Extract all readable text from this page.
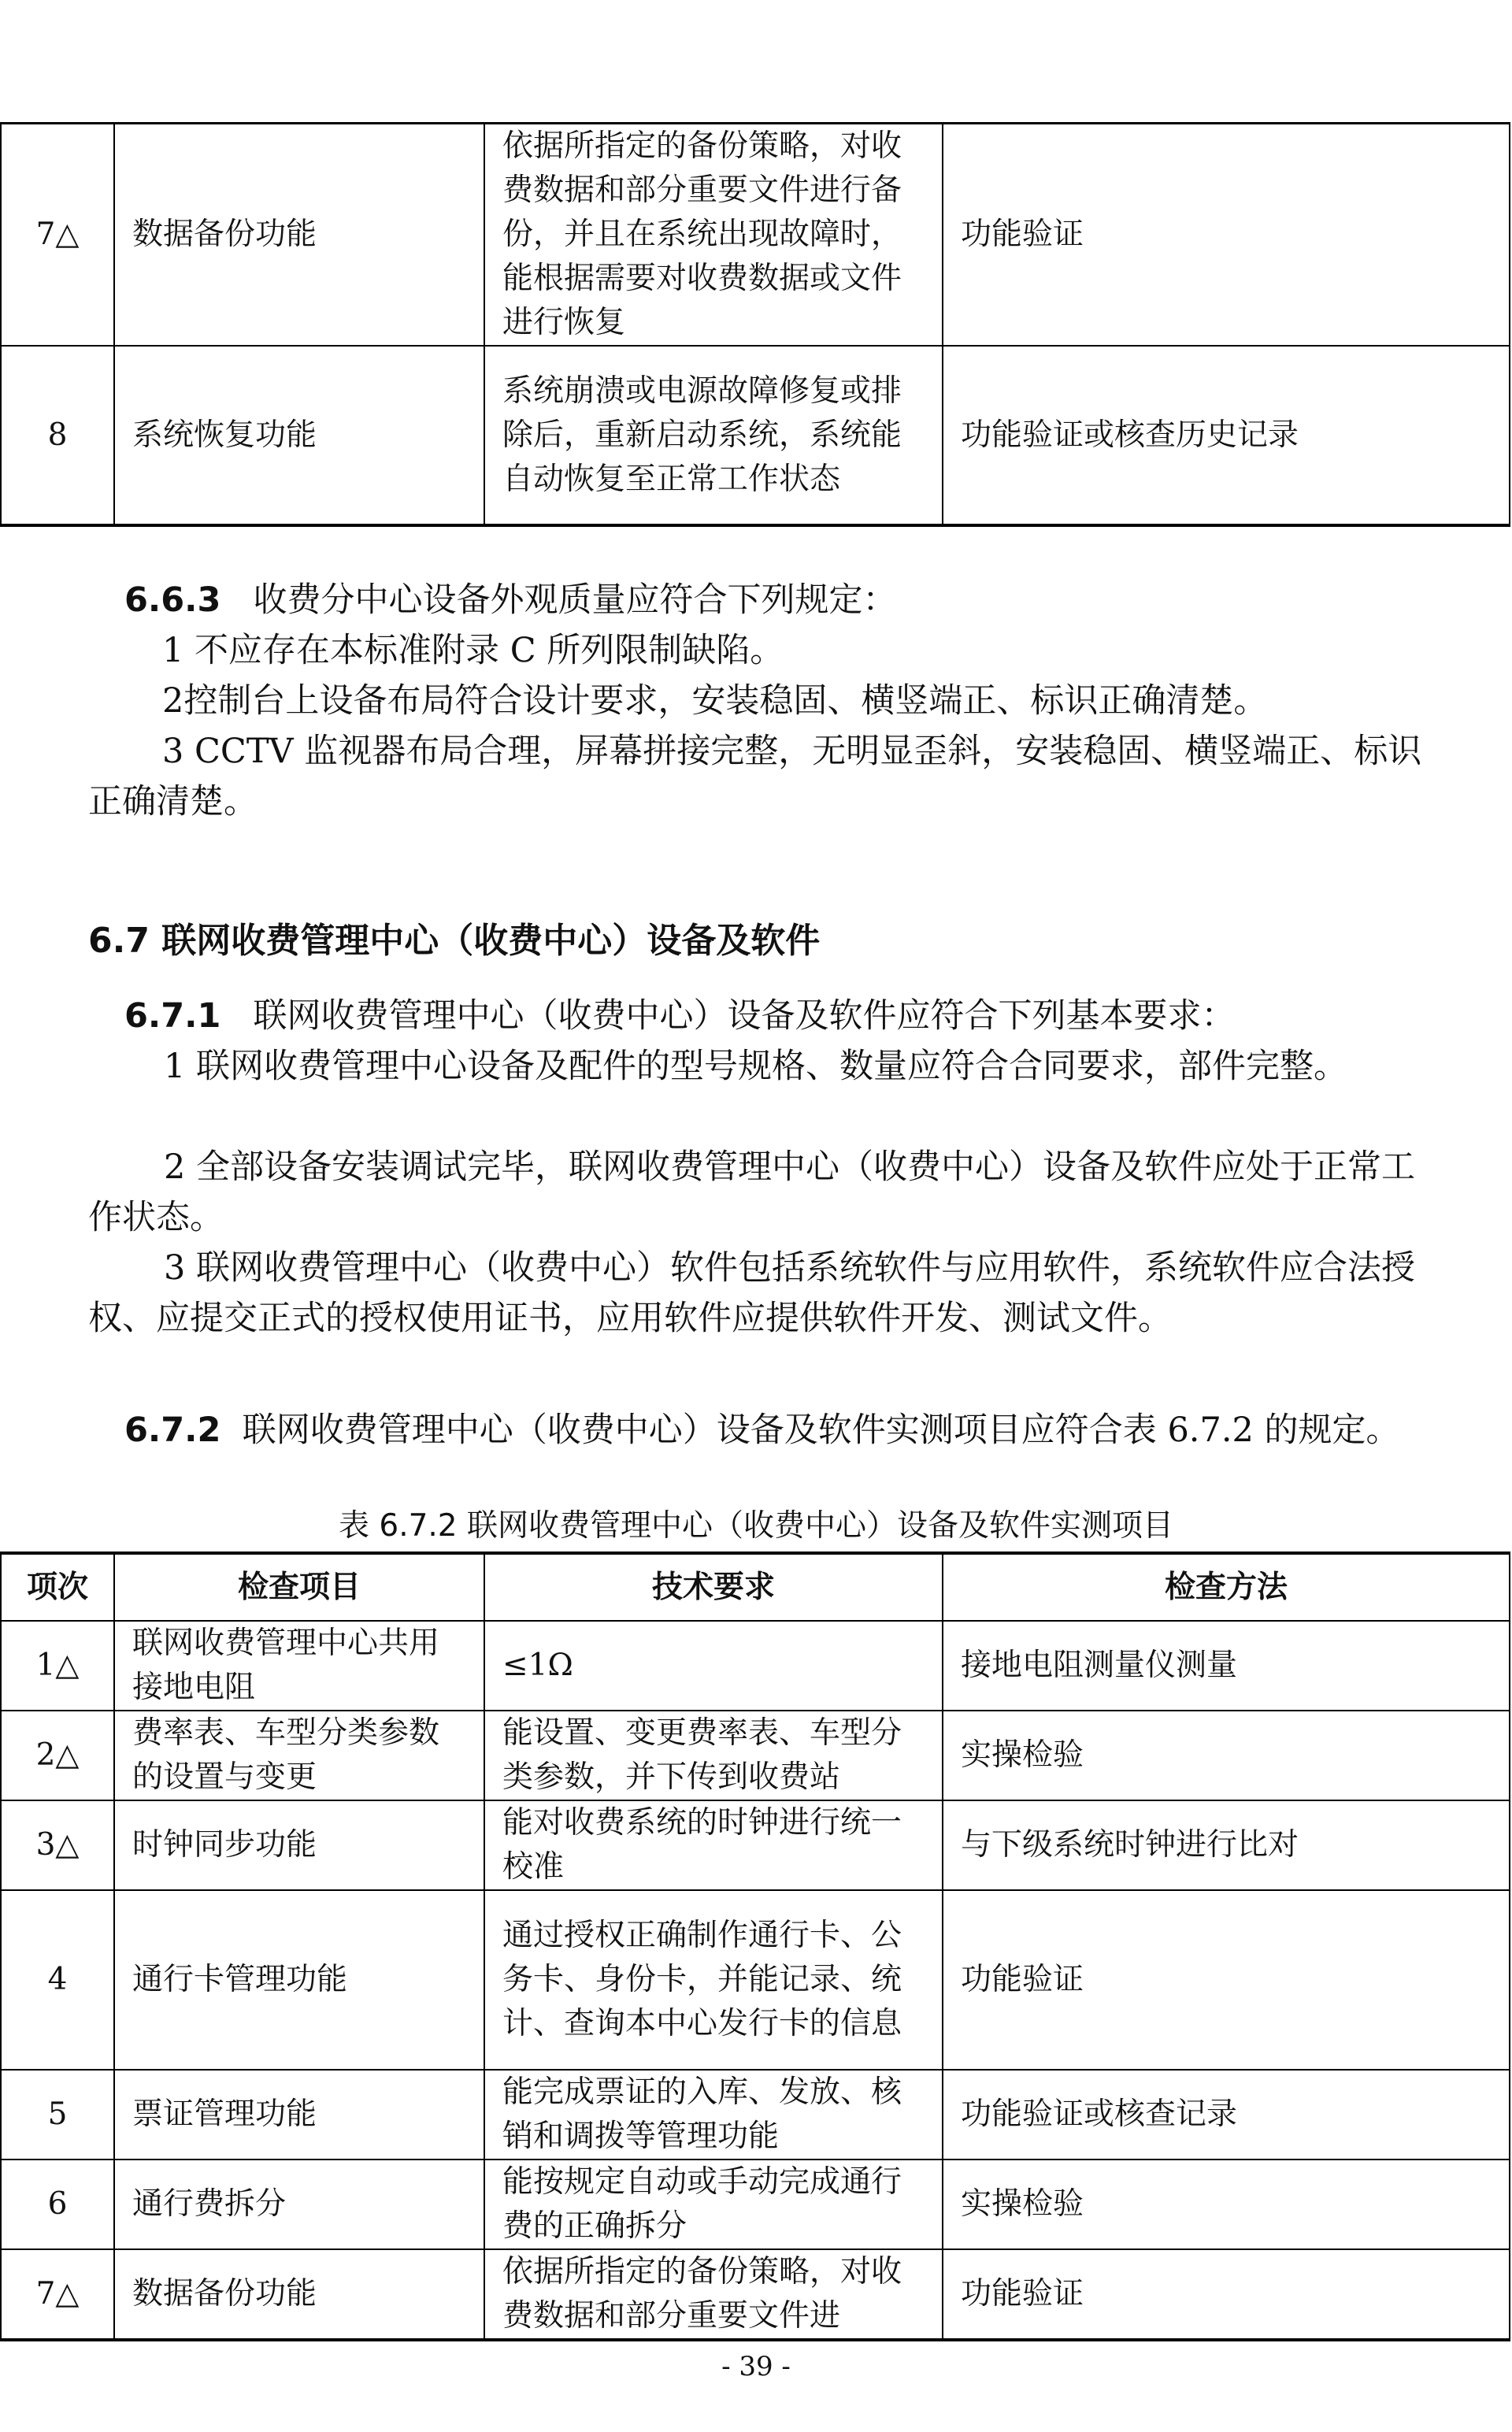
7△	数据备份功能	依据所指定的备份策略，对收费数据和部分重要文件进行备份，并且在系统出现故障时，能根据需要对收费数据或文件进行恢复	功能验证
8	系统恢复功能	系统崩溃或电源故障修复或排除后，重新启动系统，系统能自动恢复至正常工作状态	功能验证或核查历史记录

6.6.3 收费分中心设备外观质量应符合下列规定：

1 不应存在本标准附录 C 所列限制缺陷。

2控制台上设备布局符合设计要求，安装稳固、横竖端正、标识正确清楚。

3 CCTV 监视器布局合理，屏幕拼接完整，无明显歪斜，安装稳固、横竖端正、标识正确清楚。

6.7 联网收费管理中心（收费中心）设备及软件

6.7.1 联网收费管理中心（收费中心）设备及软件应符合下列基本要求：

1 联网收费管理中心设备及配件的型号规格、数量应符合合同要求，部件完整。

2 全部设备安装调试完毕，联网收费管理中心（收费中心）设备及软件应处于正常工作状态。

3 联网收费管理中心（收费中心）软件包括系统软件与应用软件，系统软件应合法授权、应提交正式的授权使用证书，应用软件应提供软件开发、测试文件。

6.7.2 联网收费管理中心（收费中心）设备及软件实测项目应符合表 6.7.2 的规定。

表 6.7.2 联网收费管理中心（收费中心）设备及软件实测项目

项次	检查项目	技术要求	检查方法
1△	联网收费管理中心共用接地电阻	≤1Ω	接地电阻测量仪测量
2△	费率表、车型分类参数的设置与变更	能设置、变更费率表、车型分类参数，并下传到收费站	实操检验
3△	时钟同步功能	能对收费系统的时钟进行统一校准	与下级系统时钟进行比对
4	通行卡管理功能	通过授权正确制作通行卡、公务卡、身份卡，并能记录、统计、查询本中心发行卡的信息	功能验证
5	票证管理功能	能完成票证的入库、发放、核销和调拨等管理功能	功能验证或核查记录
6	通行费拆分	能按规定自动或手动完成通行费的正确拆分	实操检验
7△	数据备份功能	依据所指定的备份策略，对收费数据和部分重要文件进	功能验证

- 39 -
